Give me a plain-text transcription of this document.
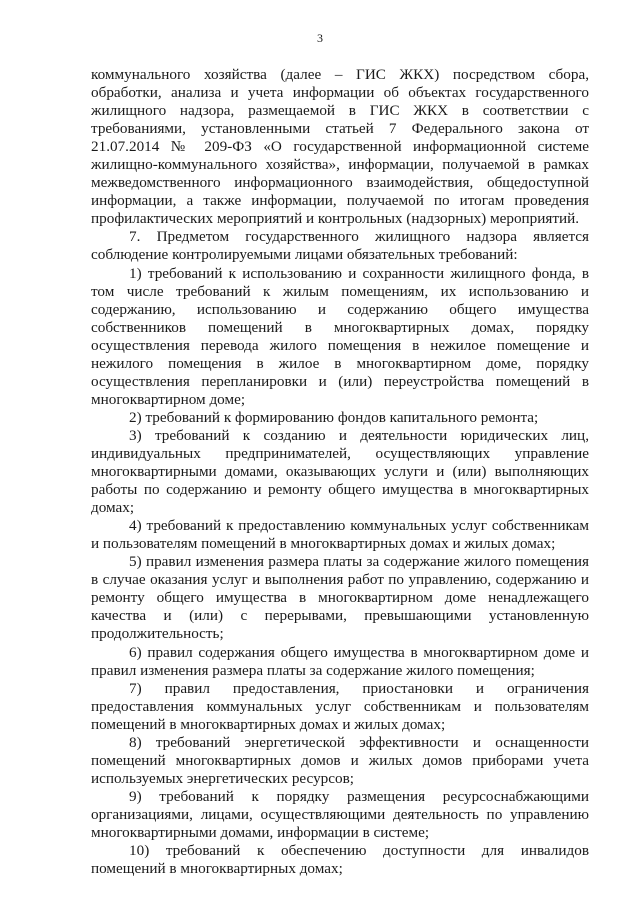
3

коммунального хозяйства (далее – ГИС ЖКХ) посредством сбора, обработки, анализа и учета информации об объектах государственного жилищного надзора, размещаемой в ГИС ЖКХ в соответствии с требованиями, установленными статьей 7 Федерального закона от 21.07.2014 № 209-ФЗ «О государственной информационной системе жилищно-коммунального хозяйства», информации, получаемой в рамках межведомственного информационного взаимодействия, общедоступной информации, а также информации, получаемой по итогам проведения профилактических мероприятий и контрольных (надзорных) мероприятий.

7. Предметом государственного жилищного надзора является соблюдение контролируемыми лицами обязательных требований:

1) требований к использованию и сохранности жилищного фонда, в том числе требований к жилым помещениям, их использованию и содержанию, использованию и содержанию общего имущества собственников помещений в многоквартирных домах, порядку осуществления перевода жилого помещения в нежилое помещение и нежилого помещения в жилое в многоквартирном доме, порядку осуществления перепланировки и (или) переустройства помещений в многоквартирном доме;

2) требований к формированию фондов капитального ремонта;

3) требований к созданию и деятельности юридических лиц, индивидуальных предпринимателей, осуществляющих управление многоквартирными домами, оказывающих услуги и (или) выполняющих работы по содержанию и ремонту общего имущества в многоквартирных домах;

4) требований к предоставлению коммунальных услуг собственникам и пользователям помещений в многоквартирных домах и жилых домах;

5) правил изменения размера платы за содержание жилого помещения в случае оказания услуг и выполнения работ по управлению, содержанию и ремонту общего имущества в многоквартирном доме ненадлежащего качества и (или) с перерывами, превышающими установленную продолжительность;

6) правил содержания общего имущества в многоквартирном доме и правил изменения размера платы за содержание жилого помещения;

7) правил предоставления, приостановки и ограничения предоставления коммунальных услуг собственникам и пользователям помещений в многоквартирных домах и жилых домах;

8) требований энергетической эффективности и оснащенности помещений многоквартирных домов и жилых домов приборами учета используемых энергетических ресурсов;

9) требований к порядку размещения ресурсоснабжающими организациями, лицами, осуществляющими деятельность по управлению многоквартирными домами, информации в системе;

10) требований к обеспечению доступности для инвалидов помещений в многоквартирных домах;
